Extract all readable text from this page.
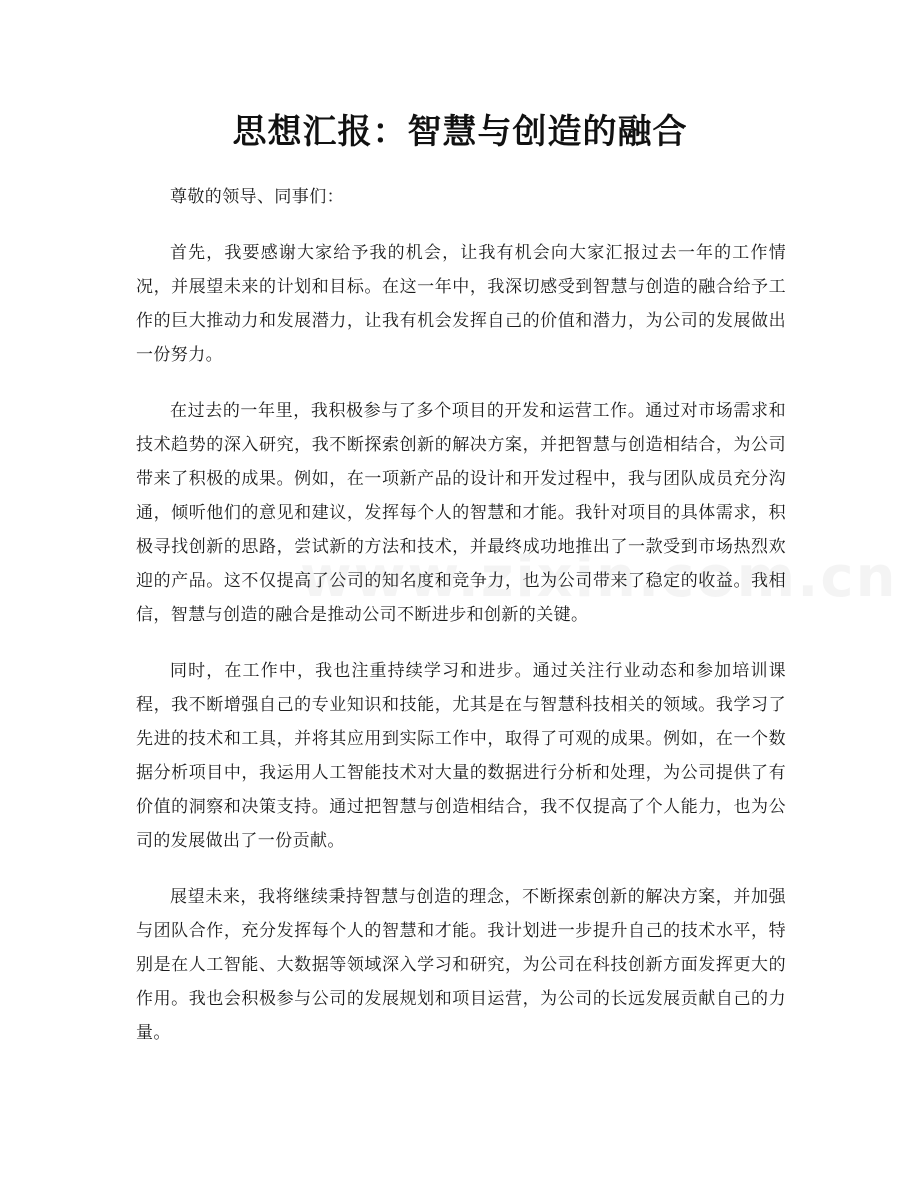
思想汇报：智慧与创造的融合

尊敬的领导、同事们：

首先，我要感谢大家给予我的机会，让我有机会向大家汇报过去一年的工作情况，并展望未来的计划和目标。在这一年中，我深切感受到智慧与创造的融合给予工作的巨大推动力和发展潜力，让我有机会发挥自己的价值和潜力，为公司的发展做出一份努力。

在过去的一年里，我积极参与了多个项目的开发和运营工作。通过对市场需求和技术趋势的深入研究，我不断探索创新的解决方案，并把智慧与创造相结合，为公司带来了积极的成果。例如，在一项新产品的设计和开发过程中，我与团队成员充分沟通，倾听他们的意见和建议，发挥每个人的智慧和才能。我针对项目的具体需求，积极寻找创新的思路，尝试新的方法和技术，并最终成功地推出了一款受到市场热烈欢迎的产品。这不仅提高了公司的知名度和竞争力，也为公司带来了稳定的收益。我相信，智慧与创造的融合是推动公司不断进步和创新的关键。

同时，在工作中，我也注重持续学习和进步。通过关注行业动态和参加培训课程，我不断增强自己的专业知识和技能，尤其是在与智慧科技相关的领域。我学习了先进的技术和工具，并将其应用到实际工作中，取得了可观的成果。例如，在一个数据分析项目中，我运用人工智能技术对大量的数据进行分析和处理，为公司提供了有价值的洞察和决策支持。通过把智慧与创造相结合，我不仅提高了个人能力，也为公司的发展做出了一份贡献。

展望未来，我将继续秉持智慧与创造的理念，不断探索创新的解决方案，并加强与团队合作，充分发挥每个人的智慧和才能。我计划进一步提升自己的技术水平，特别是在人工智能、大数据等领域深入学习和研究，为公司在科技创新方面发挥更大的作用。我也会积极参与公司的发展规划和项目运营，为公司的长远发展贡献自己的力量。
